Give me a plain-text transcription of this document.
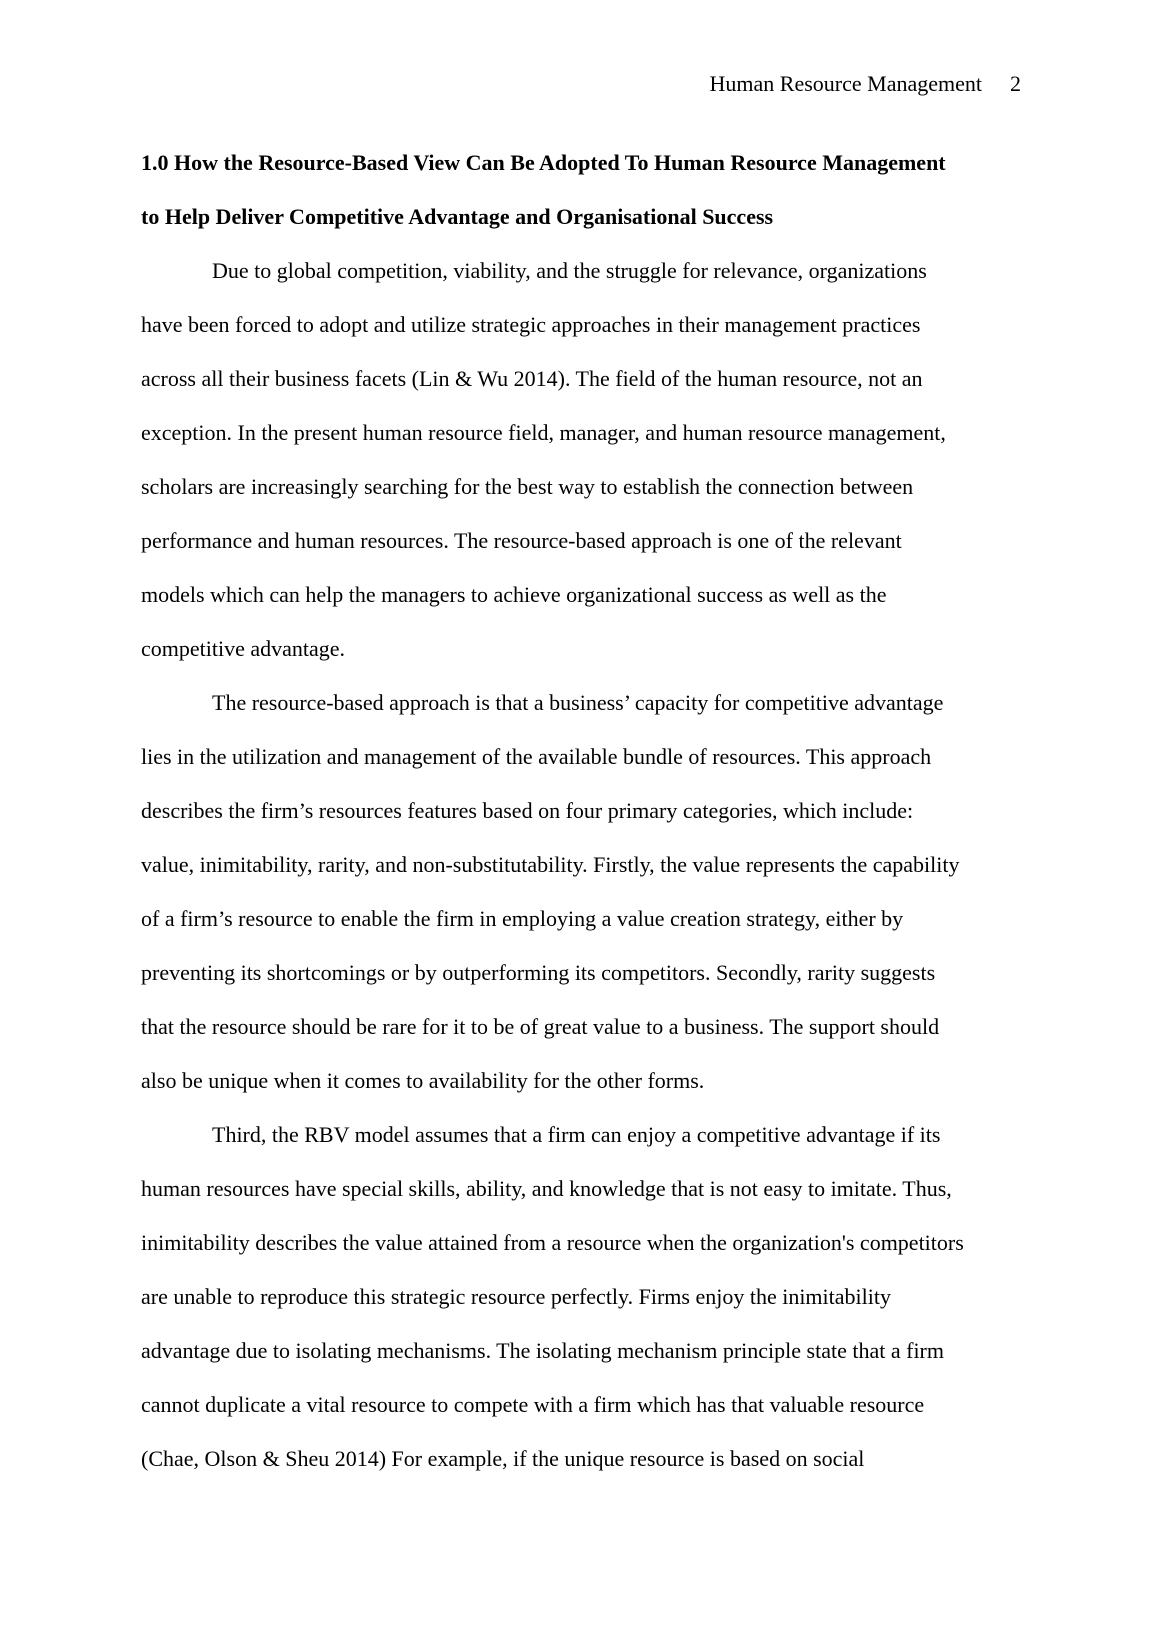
Human Resource Management 2

1.0 How the Resource-Based View Can Be Adopted To Human Resource Management
to Help Deliver Competitive Advantage and Organisational Success

Due to global competition, viability, and the struggle for relevance, organizations
have been forced to adopt and utilize strategic approaches in their management practices
across all their business facets (Lin & Wu 2014). The field of the human resource, not an
exception. In the present human resource field, manager, and human resource management,
scholars are increasingly searching for the best way to establish the connection between
performance and human resources. The resource-based approach is one of the relevant
models which can help the managers to achieve organizational success as well as the
competitive advantage.

The resource-based approach is that a business’ capacity for competitive advantage
lies in the utilization and management of the available bundle of resources. This approach
describes the firm’s resources features based on four primary categories, which include:
value, inimitability, rarity, and non-substitutability. Firstly, the value represents the capability
of a firm’s resource to enable the firm in employing a value creation strategy, either by
preventing its shortcomings or by outperforming its competitors. Secondly, rarity suggests
that the resource should be rare for it to be of great value to a business. The support should
also be unique when it comes to availability for the other forms.

Third, the RBV model assumes that a firm can enjoy a competitive advantage if its
human resources have special skills, ability, and knowledge that is not easy to imitate. Thus,
inimitability describes the value attained from a resource when the organization's competitors
are unable to reproduce this strategic resource perfectly. Firms enjoy the inimitability
advantage due to isolating mechanisms. The isolating mechanism principle state that a firm
cannot duplicate a vital resource to compete with a firm which has that valuable resource
(Chae, Olson & Sheu 2014) For example, if the unique resource is based on social
